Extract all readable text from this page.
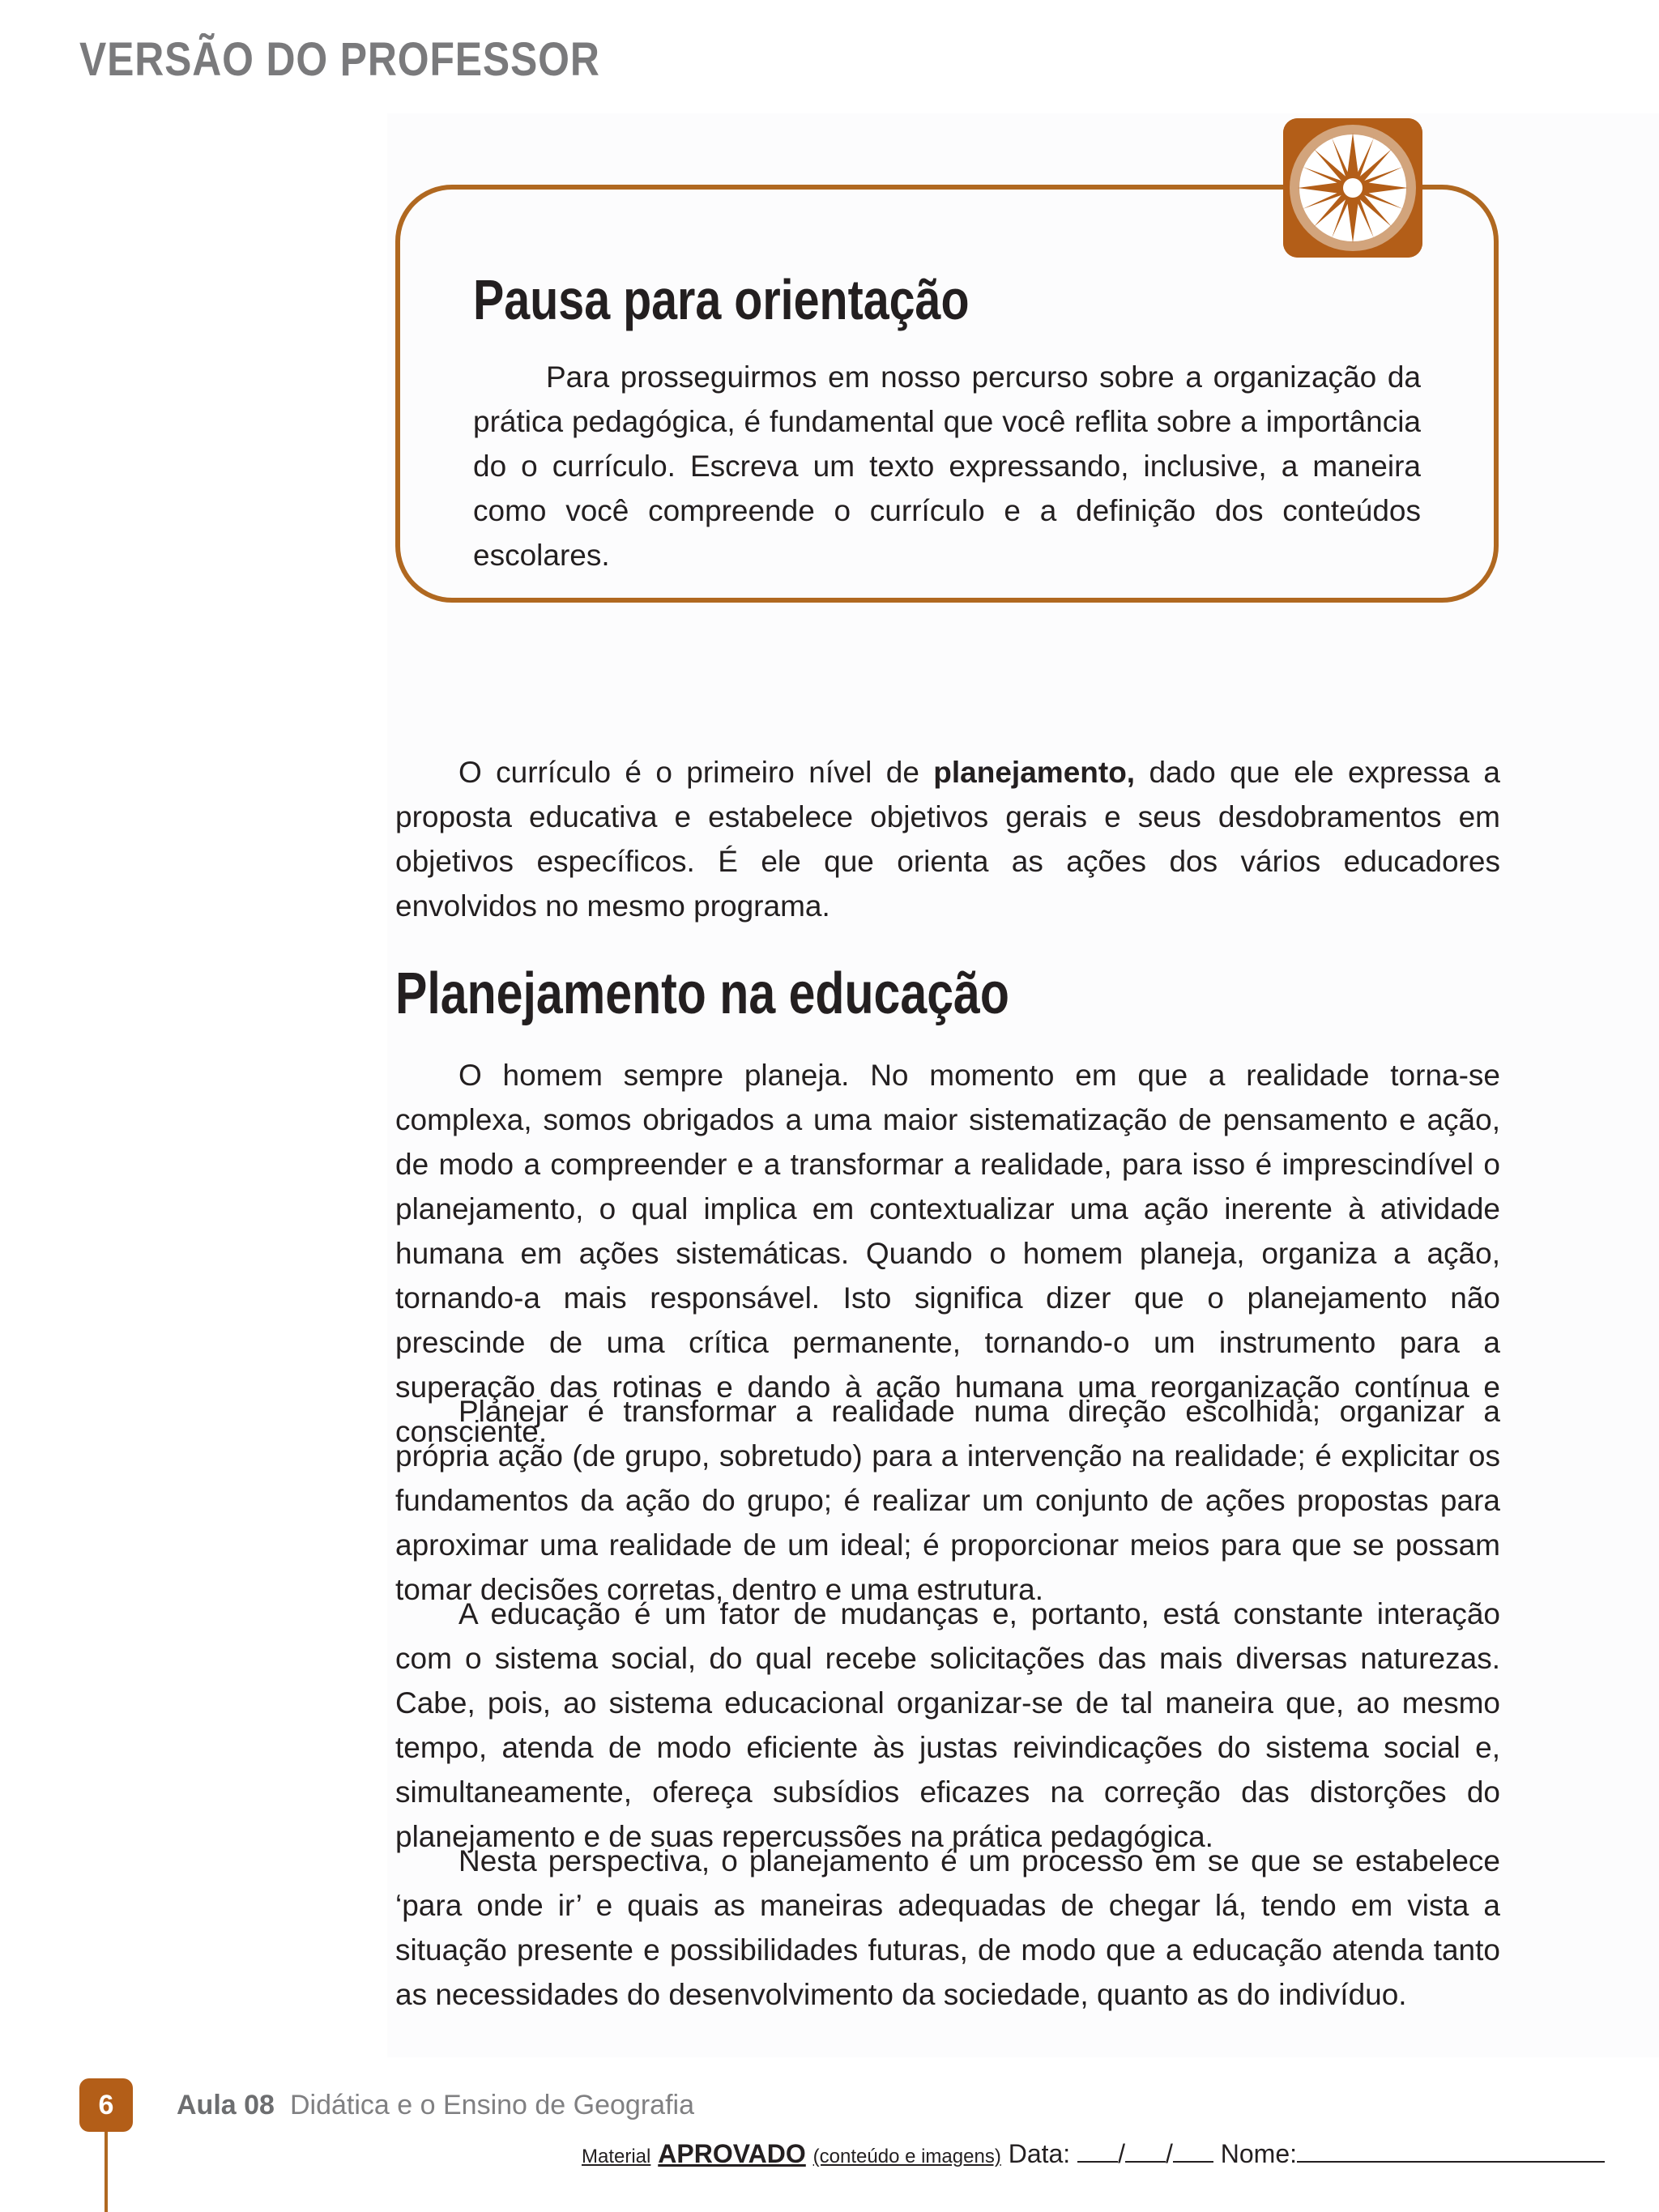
VERSÃO DO PROFESSOR
Pausa para orientação
Para prosseguirmos em nosso percurso sobre a organização da prática pedagógica, é fundamental que você reflita sobre a importância do o currículo. Escreva um texto expressando, inclusive, a maneira como você compreende o currículo e a definição dos conteúdos escolares.

O currículo é o primeiro nível de planejamento, dado que ele expressa a proposta educativa e estabelece objetivos gerais e seus desdobramentos em objetivos específicos. É ele que orienta as ações dos vários educadores envolvidos no mesmo programa.

Planejamento na educação

O homem sempre planeja. No momento em que a realidade torna-se complexa, somos obrigados a uma maior sistematização de pensamento e ação, de modo a compreender e a transformar a realidade, para isso é imprescindível o planejamento, o qual implica em contextualizar uma ação inerente à atividade humana em ações sistemáticas. Quando o homem planeja, organiza a ação, tornando-a mais responsável. Isto significa dizer que o planejamento não prescinde de uma crítica permanente, tornando-o um instrumento para a superação das rotinas e dando à ação humana uma reorganização contínua e consciente.

Planejar é transformar a realidade numa direção escolhida; organizar a própria ação (de grupo, sobretudo) para a intervenção na realidade; é explicitar os fundamentos da ação do grupo; é realizar um conjunto de ações propostas para aproximar uma realidade de um ideal; é proporcionar meios para que se possam tomar decisões corretas, dentro e uma estrutura.

A educação é um fator de mudanças e, portanto, está constante interação com o sistema social, do qual recebe solicitações das mais diversas naturezas. Cabe, pois, ao sistema educacional organizar-se de tal maneira que, ao mesmo tempo, atenda de modo eficiente às justas reivindicações do sistema social e, simultaneamente, ofereça subsídios eficazes na correção das distorções do planejamento e de suas repercussões na prática pedagógica.

Nesta perspectiva, o planejamento é um processo em se que se estabelece ‘para onde ir’ e quais as maneiras adequadas de chegar lá, tendo em vista a situação presente e possibilidades futuras, de modo que a educação atenda tanto as necessidades do desenvolvimento da sociedade, quanto as do indivíduo.

6	Aula 08 Didática e o Ensino de Geografia
Material APROVADO (conteúdo e imagens) Data: / / Nome:
